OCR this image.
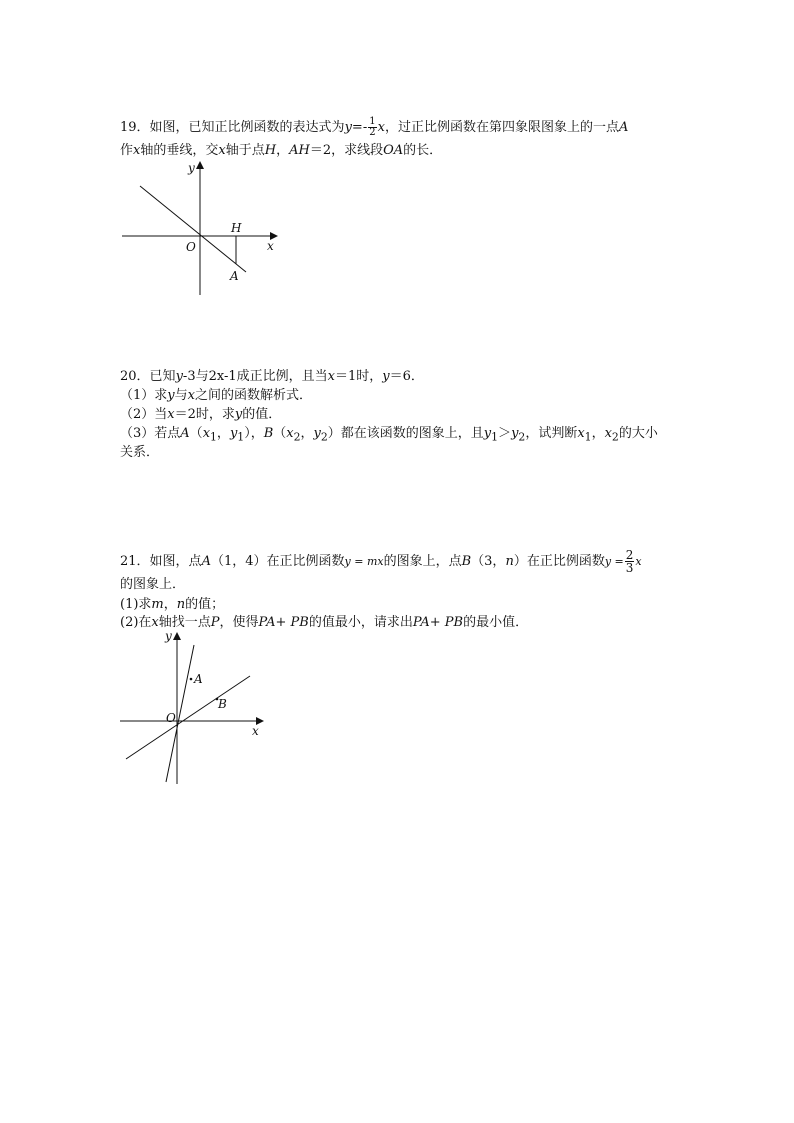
19．如图，已知正比例函数的表达式为$y=- \frac{1}{2}$ x，过正比例函数在第四象限图象上的一点A
作x轴的垂线，交x轴于点H，AH＝2，求线段OA的长．
y
x
O
H
A
20．已知y-3与2x-1成正比例，且当x＝1时，y＝6．
（1）求y与x之间的函数解析式．
（2）当x＝2时，求y的值．
（3）若点$A(x_1$，$y_1$），$B(x_2$，$y_2$）都在该函数的图象上，且$y_1>y_2$，试判断$x_1$，$x_2$的大小
关系．
21．如图，点A（1，4）在正比例函数y = mx的图象上，点B（3，n）在正比例函数$y = \frac{2}{3}$ x
的图象上．
(1)求m，n的值；
(2)在x轴找一点P，使得PA+ PB的值最小，请求出PA+ PB的最小值．
y
x
O
A
B
